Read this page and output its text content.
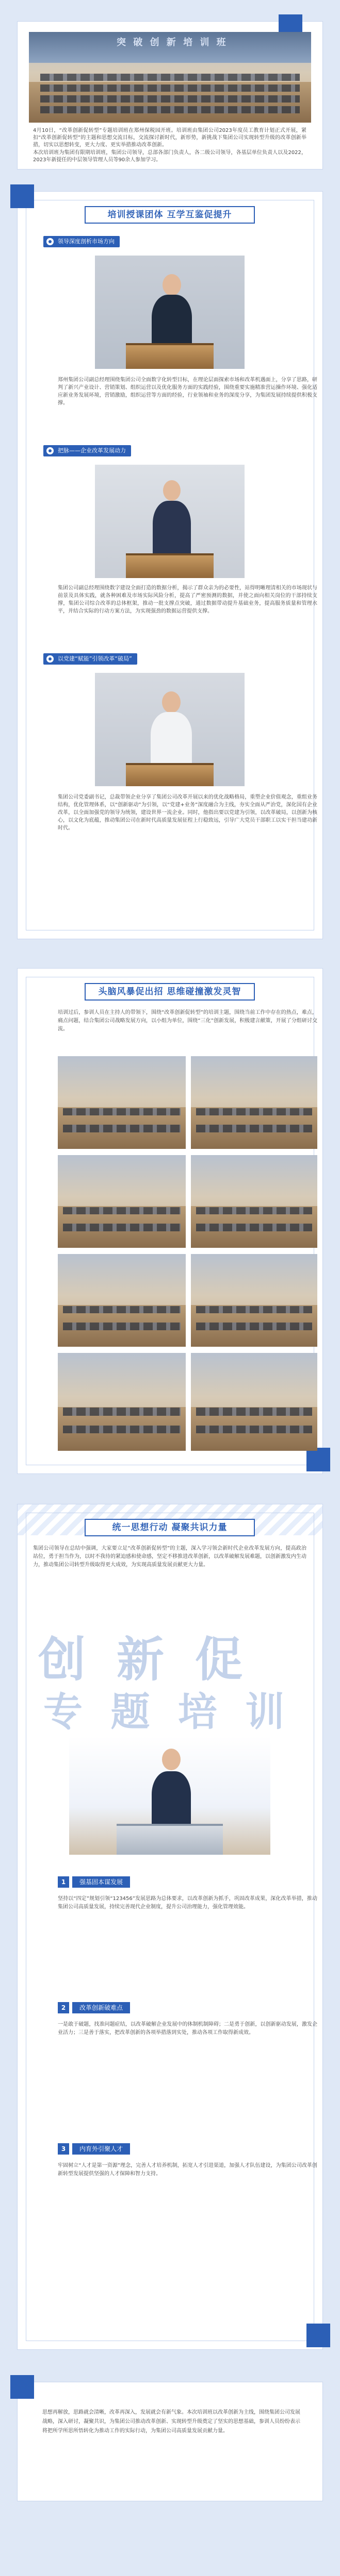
突 破 创 新 培 训 班

4月10日，“改革创新促转型”专题培训班在郑州保税园开班。培训班由集团公司2023年度员工教育计划正式开展，紧扣“改革创新促转型”的主题和思想交流目标，交流探讨新时代，新形势，新挑战下集团公司实现转型升级的改革创新举措，切实以思想转变，更大力度、更实举措推动改革创新。

本次培训班为集团有限期培训班，集团公司领导，总部各部门负责人，各二级公司领导，各基层单位负责人以及2022，2023年新提任的中层领导管理人员等90余人参加学习。

培训授课团体 互学互鉴促提升
领导深度剖析市场方向

郑州集团公司副总经理围绕集团公司全面数字化转型目标，在理论层面探索市场和改革机遇面上，分享了思路，研判了新兴产业设计、营销策划、组织运营以及优化服务方面的实践经验，围绕重要实施精准营运操作环境、强化适应新业务发展环境，营销激励，组织运营等方面的经验，行业领袖和业务的深度分享，为集团发展持续提供积极支撑。

把脉——企业改革发展动力

集团公司副总经理围绕数字建设全面打造的数据分析，揭示了群众亲为的必要性，站得明晰理清相关的市场现状与前景及具体实践，就各种困难及市场实际风险分析，提高了严密预测的数据，并使之面向相关岗位的干部持续支撑，集团公司综合改革的总体框架，推动一批支撑点突破，通过数据带动提升基础业务，提高服务质量和管理水平，并结合实际的行动方案方法，为实现强劲的数据运营提供支撑。

以党建“赋能”引领改革“破局”

集团公司党委副书记，总裁带领企业分享了集团公司改革开展以来的优化战略格局，重塑企业价值观念，重组业务结构，优化管理体系，以“创新驱动”为引领，以“党建+业务”深度融合为主线，夯实全面从严治党，深化国有企业改革，以全面加强党的领导为统领，建设世界一流企业。同时，他指出要以党建为引领，以改革破局，以创新为核心，以文化为底蕴，推动集团公司在新时代高质量发展征程上行稳致远，引导广大党员干部职工以实干担当建功新时代。

头脑风暴促出招 思维碰撞激发灵智

培训过后，参训人员在主持人的带领下，围绕“改革创新促转型”的培训主题，围绕当前工作中存在的热点，难点，痛点问题，结合集团公司战略发展方向，以小组为单位，围绕“三化”创新发展，积极建言献策，开展了分组研讨交流。

统一思想行动 凝聚共识力量

集团公司领导在总结中强调，大家要立足“改革创新促转型”的主题，深入学习领会新时代企业改革发展方向，提高政治站位，勇于担当作为，以时不我待的紧迫感和使命感，坚定不移推进改革创新，以改革破解发展难题，以创新激发内生动力，推动集团公司转型升级取得更大成效，为实现高质量发展贡献更大力量。

创 新 促
专 题 培 训
1	强基固本谋发展

坚持以“四定”规划引领“123456”发展思路为总体要求，以改革创新为抓手，巩固改革成果，深化改革举措，推动集团公司高质量发展，持续完善现代企业制度，提升公司治理能力，强化管理效能。

2	改革创新破难点

一是敢于破题，找准问题症结，以改革破解企业发展中的体制机制障碍；二是勇于创新，以创新驱动发展，激发企业活力；三是善于落实，把改革创新的各项举措落到实处，推动各项工作取得新成效。

3	内育外引聚人才

牢固树立“人才是第一资源”理念，完善人才培养机制，拓宽人才引进渠道，加强人才队伍建设，为集团公司改革创新转型发展提供坚强的人才保障和智力支持。

思想再解放，思路就会清晰，改革再深入，发展就会有新气象。本次培训班以改革创新为主线，围绕集团公司发展战略，深入研讨，凝聚共识，为集团公司推动改革创新、实现转型升级奠定了坚实的思想基础，参训人员纷纷表示将把所学所思所悟转化为推动工作的实际行动，为集团公司高质量发展贡献力量。
